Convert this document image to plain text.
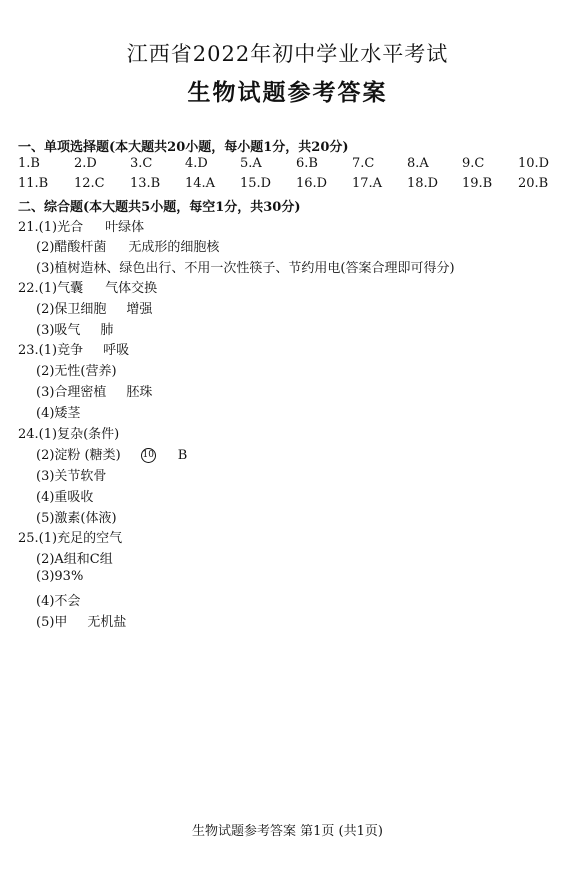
江西省2022年初中学业水平考试
生物试题参考答案
一、单项选择题(本大题共20小题，每小题1分，共20分)
1.B	2.D	3.C	4.D 5.A	6.B	7.C	8.A	9.C	10.D
11.B 12.C 13.B 14.A 15.D 16.D 17.A 18.D 19.B 20.B
二、综合题(本大题共5小题，每空1分，共30分)
21.(1)光合 叶绿体
(2)醋酸杆菌 无成形的细胞核
(3)植树造林、绿色出行、不用一次性筷子、节约用电(答案合理即可得分)
22.(1)气囊 气体交换
(2)保卫细胞 增强
(3)吸气 肺
23.(1)竞争 呼吸
(2)无性(营养)
(3)合理密植 胚珠
(4)矮茎
24.(1)复杂(条件)
(2)淀粉 (糖类) 10 B
(3)关节软骨
(4)重吸收
(5)激素(体液)
25.(1)充足的空气
(2)A组和C组
(3)93%
(4)不会
(5)甲 无机盐
生物试题参考答案 第1页 (共1页)
